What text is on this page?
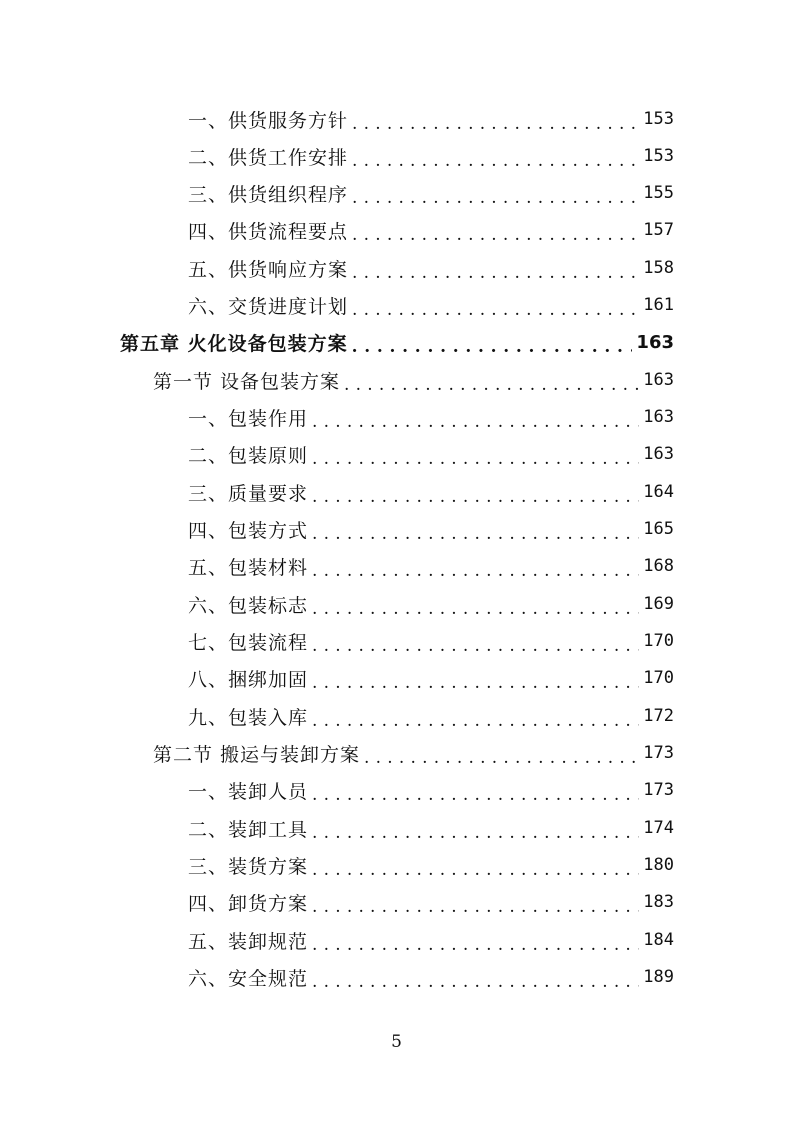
一、供货服务方针 . . .	153
二、供货工作安排 . . .	153
三、供货组织程序 . . .	155
四、供货流程要点 . . .	157
五、供货响应方案 . . .	158
六、交货进度计划 . . .	161
第五章 火化设备包装方案 . . .	163
第一节 设备包装方案 . . .	163
一、包装作用 . . .	163
二、包装原则 . . .	163
三、质量要求 . . .	164
四、包装方式 . . .	165
五、包装材料 . . .	168
六、包装标志 . . .	169
七、包装流程 . . .	170
八、捆绑加固 . . .	170
九、包装入库 . . .	172
第二节 搬运与装卸方案 . . .	173
一、装卸人员 . . .	173
二、装卸工具 . . .	174
三、装货方案 . . .	180
四、卸货方案 . . .	183
五、装卸规范 . . .	184
六、安全规范 . . .	189
5
